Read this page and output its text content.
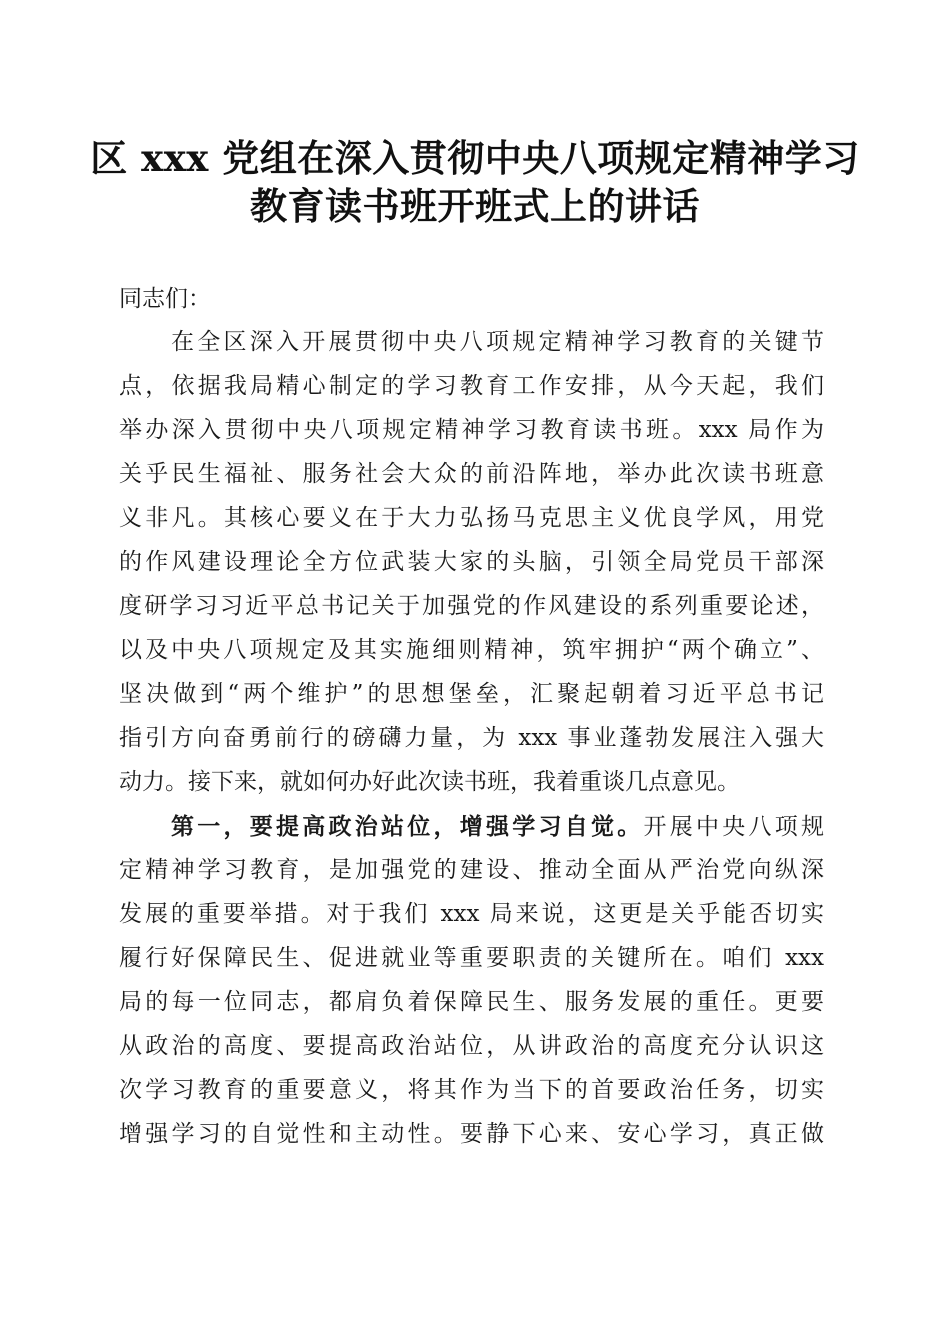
区 xxx 党组在深入贯彻中央八项规定精神学习
教育读书班开班式上的讲话
同志们：
在全区深入开展贯彻中央八项规定精神学习教育的关键节
点，依据我局精心制定的学习教育工作安排，从今天起，我们
举办深入贯彻中央八项规定精神学习教育读书班。xxx 局作为
关乎民生福祉、服务社会大众的前沿阵地，举办此次读书班意
义非凡。其核心要义在于大力弘扬马克思主义优良学风，用党
的作风建设理论全方位武装大家的头脑，引领全局党员干部深
度研学习习近平总书记关于加强党的作风建设的系列重要论述，
以及中央八项规定及其实施细则精神，筑牢拥护“两个确立”、
坚决做到“两个维护”的思想堡垒，汇聚起朝着习近平总书记
指引方向奋勇前行的磅礴力量，为 xxx 事业蓬勃发展注入强大
动力。接下来，就如何办好此次读书班，我着重谈几点意见。
第一，要提高政治站位，增强学习自觉。开展中央八项规
定精神学习教育，是加强党的建设、推动全面从严治党向纵深
发展的重要举措。对于我们 xxx 局来说，这更是关乎能否切实
履行好保障民生、促进就业等重要职责的关键所在。咱们 xxx
局的每一位同志，都肩负着保障民生、服务发展的重任。更要
从政治的高度、要提高政治站位，从讲政治的高度充分认识这
次学习教育的重要意义，将其作为当下的首要政治任务，切实
增强学习的自觉性和主动性。要静下心来、安心学习，真正做
